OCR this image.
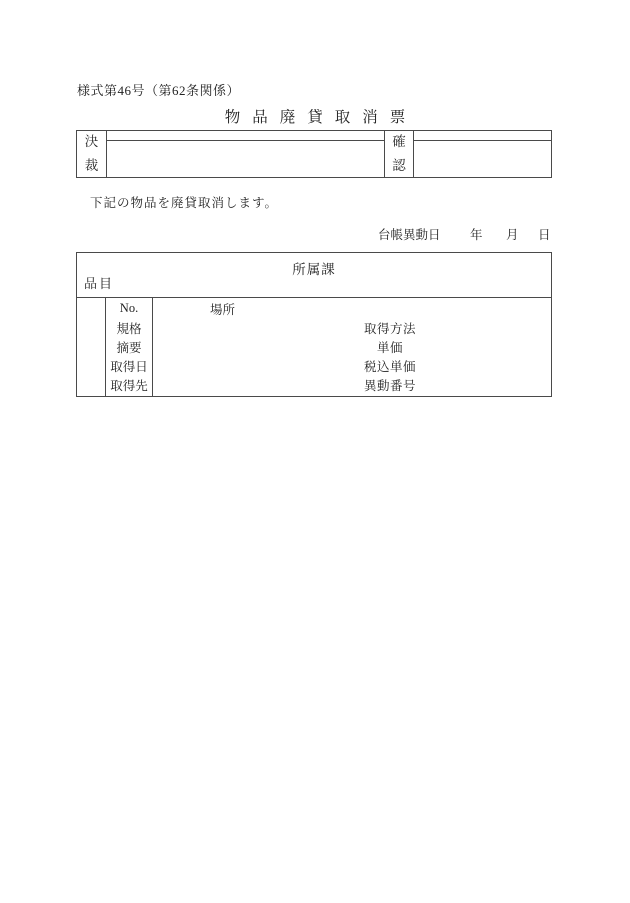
様式第46号（第62条関係）
物品廃貸取消票
決
裁
確
認
下記の物品を廃貸取消します。
台帳異動日 年 月 日
所属課
品目
No.
規格
摘要
取得日
取得先
場所
取得方法
単価
税込単価
異動番号
